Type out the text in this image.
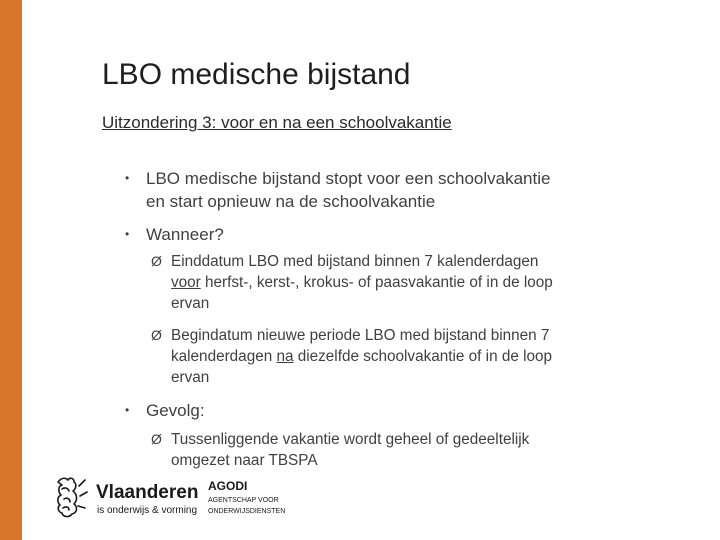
LBO medische bijstand
Uitzondering 3: voor en na een schoolvakantie
• LBO medische bijstand stopt voor een schoolvakantie
en start opnieuw na de schoolvakantie
• Wanneer?
Ø Einddatum LBO med bijstand binnen 7 kalenderdagen
voor herfst-, kerst-, krokus- of paasvakantie of in de loop
ervan
Ø Begindatum nieuwe periode LBO med bijstand binnen 7
kalenderdagen na diezelfde schoolvakantie of in de loop
ervan
• Gevolg:
Ø Tussenliggende vakantie wordt geheel of gedeeltelijk
omgezet naar TBSPA
Vlaanderen
is onderwijs & vorming
AGODI
AGENTSCHAP VOOR
ONDERWIJSDIENSTEN
